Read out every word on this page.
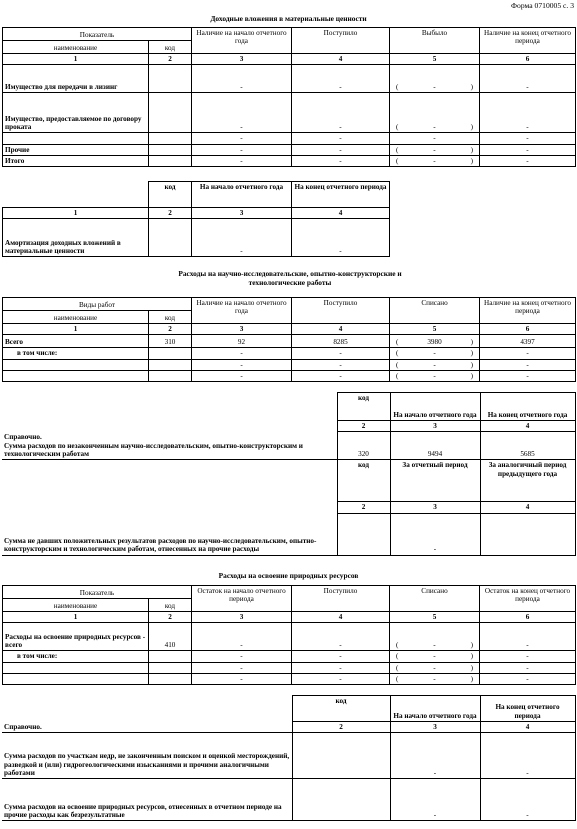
Форма 0710005 с. 3
Доходные вложения в материальные ценности
Показатель		Наличие на начало отчетного года	Поступило	Выбыло	Наличие на конец отчетного периода
наименование	код				
1	2	3	4	5	6
Имущество для передачи в лизинг		-	-	( - )	-
Имущество, предоставляемое по договору проката		-	-	( - )	-
		-	-	-	-
Прочие		-	-	( - )	-
Итого		-	-	( - )	-
	код	На начало отчетного года	На конец отчетного периода
1	2	3	4
Амортизация доходных вложений в материальные ценности		-	-
Расходы на научно-исследовательские, опытно-конструкторские и технологические работы
Виды работ		Наличие на начало отчетного года	Поступило	Списано	Наличие на конец отчетного периода
наименование	код				
1	2	3	4	5	6
Всего	310	92	8285	( 3980 )	4397
в том числе:		-	-	( - )	-
		-	-	( - )	-
		-	-	( - )	-
Справочно.
Сумма расходов по незаконченным научно-исследовательским, опытно-конструкторским и технологическим работам	код	На начало отчетного года	На конец отчетного года
	2	3	4
	320	9494	5685
Сумма не давших положительных результатов расходов по научно-исследовательским, опытно-конструкторским и технологическим работам, отнесенных на прочие расходы	код	За отчетный период	За аналогичный период предыдущего года
	2	3	4
		-	
Расходы на освоение природных ресурсов
Показатель		Остаток на начало отчетного периода	Поступило	Списано	Остаток на конец отчетного периода
наименование	код				
1	2	3	4	5	6
Расходы на освоение природных ресурсов - всего	410	-	-	( - )	-
в том числе:		-	-	( - )	-
		-	-	( - )	-
		-	-	( - )	-
Справочно.	код	На начало отчетного года	На конец отчетного периода
	2	3	4
Сумма расходов по участкам недр, не законченным поиском и оценкой месторождений, разведкой и (или) гидрогеологическими изысканиями и прочими аналогичными работами		-	-
Сумма расходов на освоение природных ресурсов, отнесенных в отчетном периоде на прочие расходы как безрезультатные		-	-
